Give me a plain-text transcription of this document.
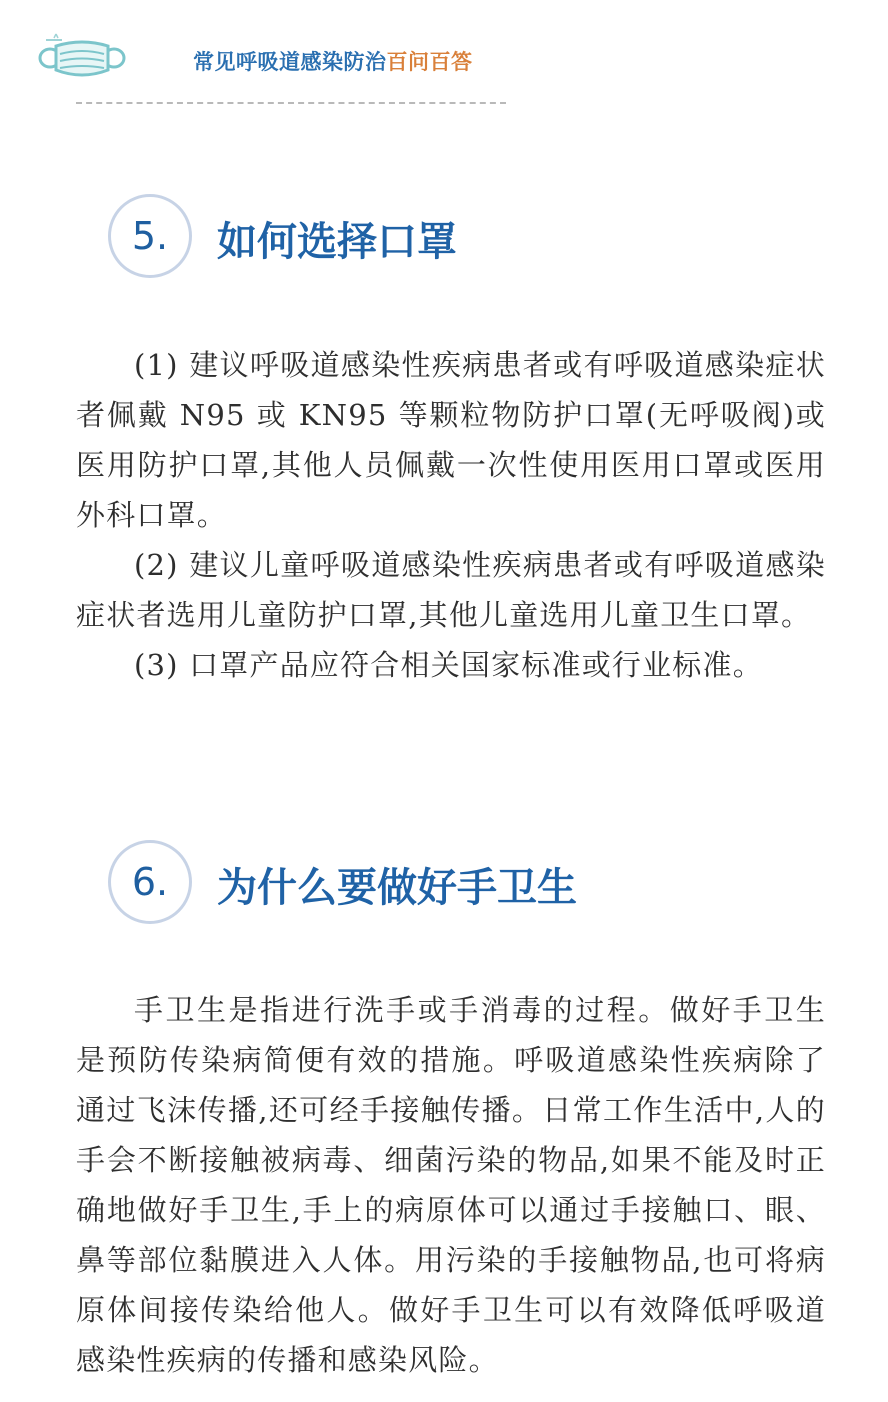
常见呼吸道感染防治百问百答
5.	如何选择口罩

(1) 建议呼吸道感染性疾病患者或有呼吸道感染症状者佩戴 N95 或 KN95 等颗粒物防护口罩(无呼吸阀)或医用防护口罩,其他人员佩戴一次性使用医用口罩或医用外科口罩。

(2) 建议儿童呼吸道感染性疾病患者或有呼吸道感染症状者选用儿童防护口罩,其他儿童选用儿童卫生口罩。

(3) 口罩产品应符合相关国家标准或行业标准。

6.	为什么要做好手卫生

手卫生是指进行洗手或手消毒的过程。做好手卫生是预防传染病简便有效的措施。呼吸道感染性疾病除了通过飞沫传播,还可经手接触传播。日常工作生活中,人的手会不断接触被病毒、细菌污染的物品,如果不能及时正确地做好手卫生,手上的病原体可以通过手接触口、眼、鼻等部位黏膜进入人体。用污染的手接触物品,也可将病原体间接传染给他人。做好手卫生可以有效降低呼吸道感染性疾病的传播和感染风险。
